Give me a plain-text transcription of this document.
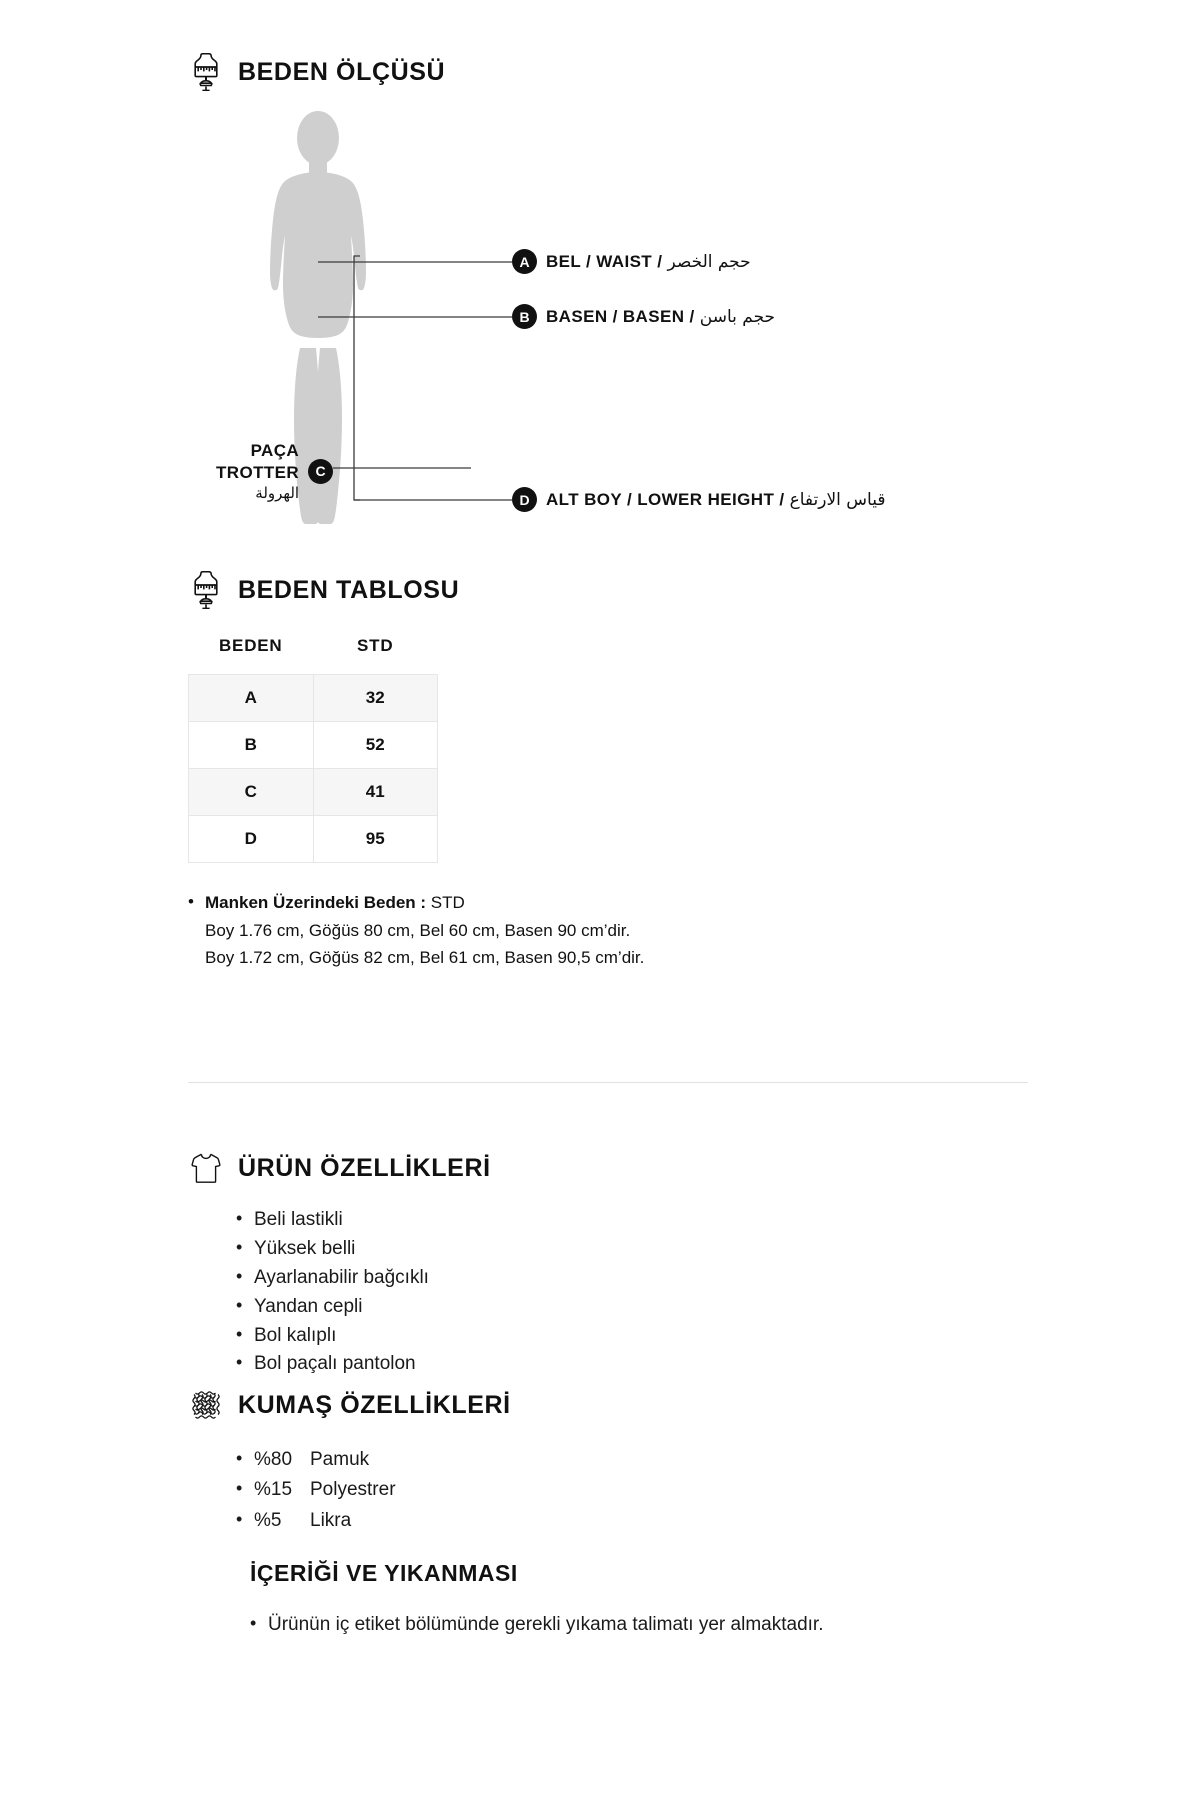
BEDEN ÖLÇÜSÜ
A BEL / WAIST / حجم الخصر
B BASEN / BASEN / حجم باسن
PAÇA
TROTTER
الهرولة
C
D ALT BOY / LOWER HEIGHT / قياس الارتفاع
BEDEN TABLOSU
BEDEN	STD
A	32
B	52
C	41
D	95
• Manken Üzerindeki Beden : STD
Boy 1.76 cm, Göğüs 80 cm, Bel 60 cm, Basen 90 cm’dir.
Boy 1.72 cm, Göğüs 82 cm, Bel 61 cm, Basen 90,5 cm’dir.
ÜRÜN ÖZELLİKLERİ
• Beli lastikli
• Yüksek belli
• Ayarlanabilir bağcıklı
• Yandan cepli
• Bol kalıplı
• Bol paçalı pantolon
KUMAŞ ÖZELLİKLERİ
• %80 Pamuk
• %15 Polyestrer
• %5	Likra
İÇERİĞİ VE YIKANMASI
• Ürünün iç etiket bölümünde gerekli yıkama talimatı yer almaktadır.
